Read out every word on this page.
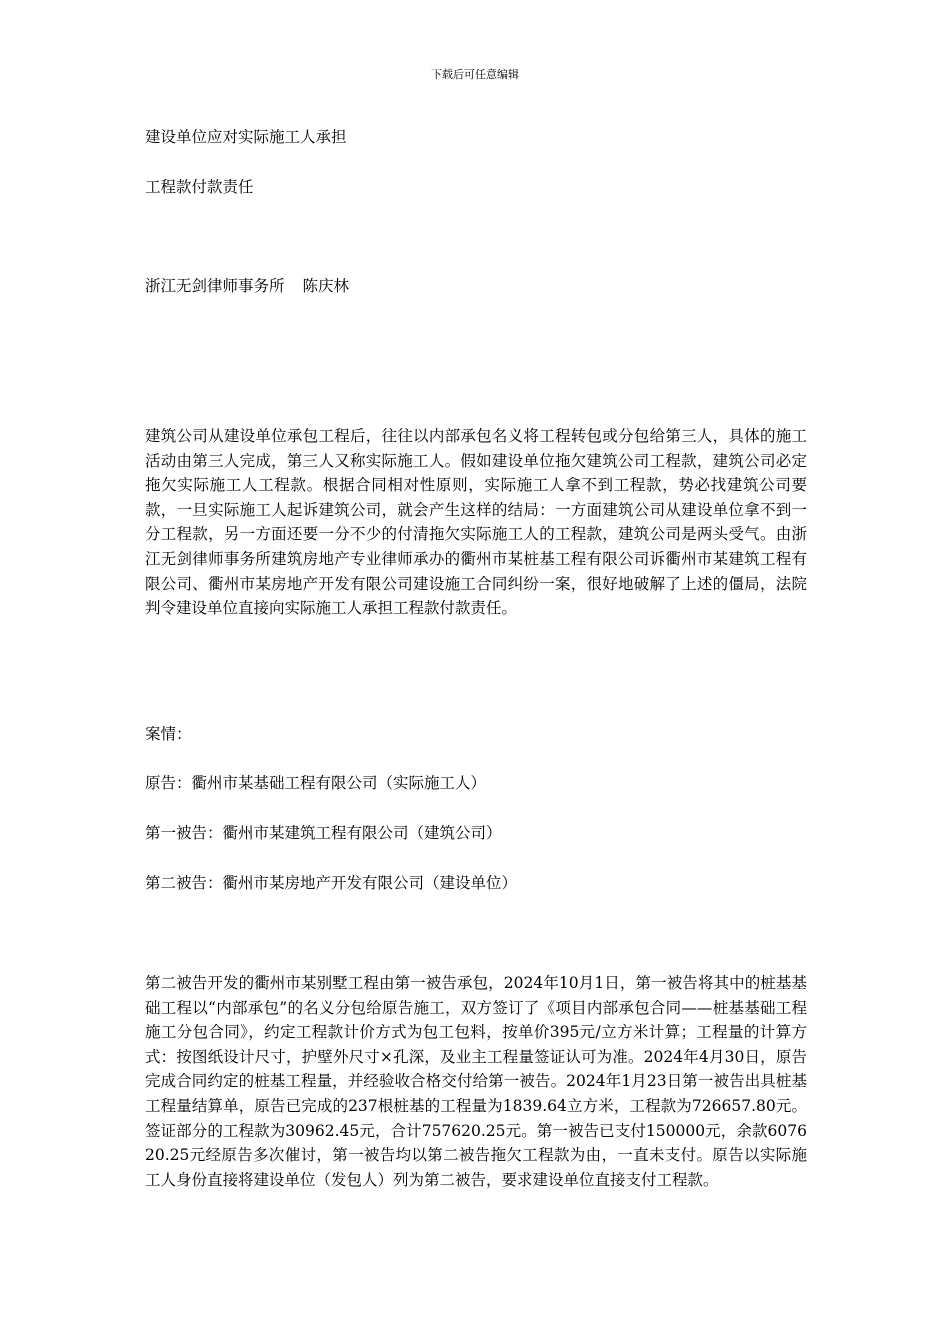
下载后可任意编辑
建设单位应对实际施工人承担
工程款付款责任
浙江无剑律师事务所 陈庆林
建筑公司从建设单位承包工程后，往往以内部承包名义将工程转包或分包给第三人，具体的施工活动由第三人完成，第三人又称实际施工人。假如建设单位拖欠建筑公司工程款，建筑公司必定拖欠实际施工人工程款。根据合同相对性原则，实际施工人拿不到工程款，势必找建筑公司要款，一旦实际施工人起诉建筑公司，就会产生这样的结局：一方面建筑公司从建设单位拿不到一分工程款，另一方面还要一分不少的付清拖欠实际施工人的工程款，建筑公司是两头受气。由浙江无剑律师事务所建筑房地产专业律师承办的衢州市某桩基工程有限公司诉衢州市某建筑工程有限公司、衢州市某房地产开发有限公司建设施工合同纠纷一案，很好地破解了上述的僵局，法院判令建设单位直接向实际施工人承担工程款付款责任。
案情：
原告：衢州市某基础工程有限公司（实际施工人）
第一被告：衢州市某建筑工程有限公司（建筑公司）
第二被告：衢州市某房地产开发有限公司（建设单位）
第二被告开发的衢州市某别墅工程由第一被告承包，2024年10月1日，第一被告将其中的桩基基础工程以“内部承包”的名义分包给原告施工，双方签订了《项目内部承包合同——桩基基础工程施工分包合同》，约定工程款计价方式为包工包料，按单价395元/立方米计算；工程量的计算方式：按图纸设计尺寸，护壁外尺寸×孔深，及业主工程量签证认可为准。2024年4月30日，原告完成合同约定的桩基工程量，并经验收合格交付给第一被告。2024年1月23日第一被告出具桩基工程量结算单，原告已完成的237根桩基的工程量为1839.64立方米，工程款为726657.80元。签证部分的工程款为30962.45元，合计757620.25元。第一被告已支付150000元，余款607620.25元经原告多次催讨，第一被告均以第二被告拖欠工程款为由，一直未支付。原告以实际施工人身份直接将建设单位（发包人）列为第二被告，要求建设单位直接支付工程款。
